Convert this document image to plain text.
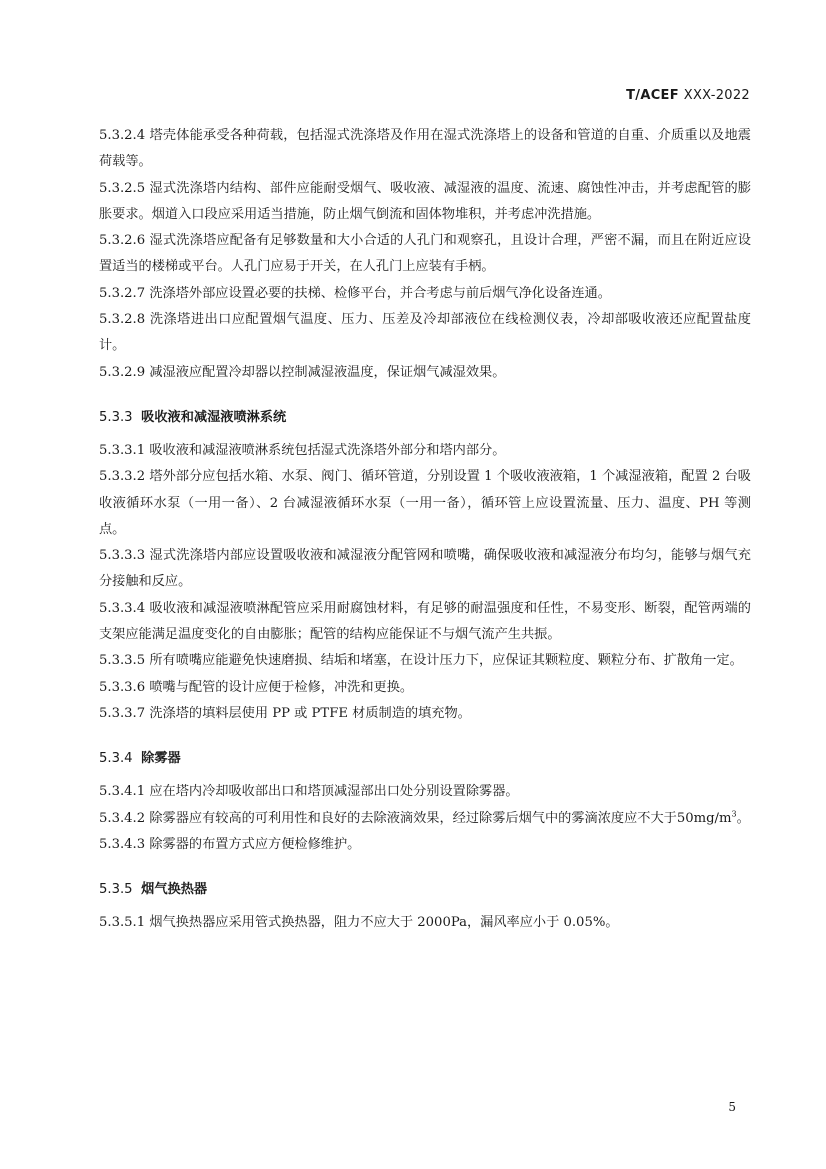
T/ACEF XXX-2022

5.3.2.4 塔壳体能承受各种荷载，包括湿式洗涤塔及作用在湿式洗涤塔上的设备和管道的自重、介质重以及地震荷载等。

5.3.2.5 湿式洗涤塔内结构、部件应能耐受烟气、吸收液、减湿液的温度、流速、腐蚀性冲击，并考虑配管的膨胀要求。烟道入口段应采用适当措施，防止烟气倒流和固体物堆积，并考虑冲洗措施。

5.3.2.6 湿式洗涤塔应配备有足够数量和大小合适的人孔门和观察孔，且设计合理，严密不漏，而且在附近应设置适当的楼梯或平台。人孔门应易于开关，在人孔门上应装有手柄。

5.3.2.7 洗涤塔外部应设置必要的扶梯、检修平台，并合考虑与前后烟气净化设备连通。

5.3.2.8 洗涤塔进出口应配置烟气温度、压力、压差及冷却部液位在线检测仪表，冷却部吸收液还应配置盐度计。

5.3.2.9 减湿液应配置冷却器以控制减湿液温度，保证烟气减湿效果。

5.3.3 吸收液和减湿液喷淋系统

5.3.3.1 吸收液和减湿液喷淋系统包括湿式洗涤塔外部分和塔内部分。

5.3.3.2 塔外部分应包括水箱、水泵、阀门、循环管道，分别设置 1 个吸收液液箱，1 个减湿液箱，配置 2 台吸收液循环水泵（一用一备）、2 台减湿液循环水泵（一用一备），循环管上应设置流量、压力、温度、PH 等测点。

5.3.3.3 湿式洗涤塔内部应设置吸收液和减湿液分配管网和喷嘴，确保吸收液和减湿液分布均匀，能够与烟气充分接触和反应。

5.3.3.4 吸收液和减湿液喷淋配管应采用耐腐蚀材料，有足够的耐温强度和任性，不易变形、断裂，配管两端的支架应能满足温度变化的自由膨胀；配管的结构应能保证不与烟气流产生共振。

5.3.3.5 所有喷嘴应能避免快速磨损、结垢和堵塞，在设计压力下，应保证其颗粒度、颗粒分布、扩散角一定。

5.3.3.6 喷嘴与配管的设计应便于检修，冲洗和更换。

5.3.3.7 洗涤塔的填料层使用 PP 或 PTFE 材质制造的填充物。

5.3.4 除雾器

5.3.4.1 应在塔内冷却吸收部出口和塔顶减湿部出口处分别设置除雾器。

5.3.4.2 除雾器应有较高的可利用性和良好的去除液滴效果，经过除雾后烟气中的雾滴浓度应不大于$50mg/m^3$。

5.3.4.3 除雾器的布置方式应方便检修维护。

5.3.5 烟气换热器

5.3.5.1 烟气换热器应采用管式换热器，阻力不应大于 2000Pa，漏风率应小于 0.05%。

5
